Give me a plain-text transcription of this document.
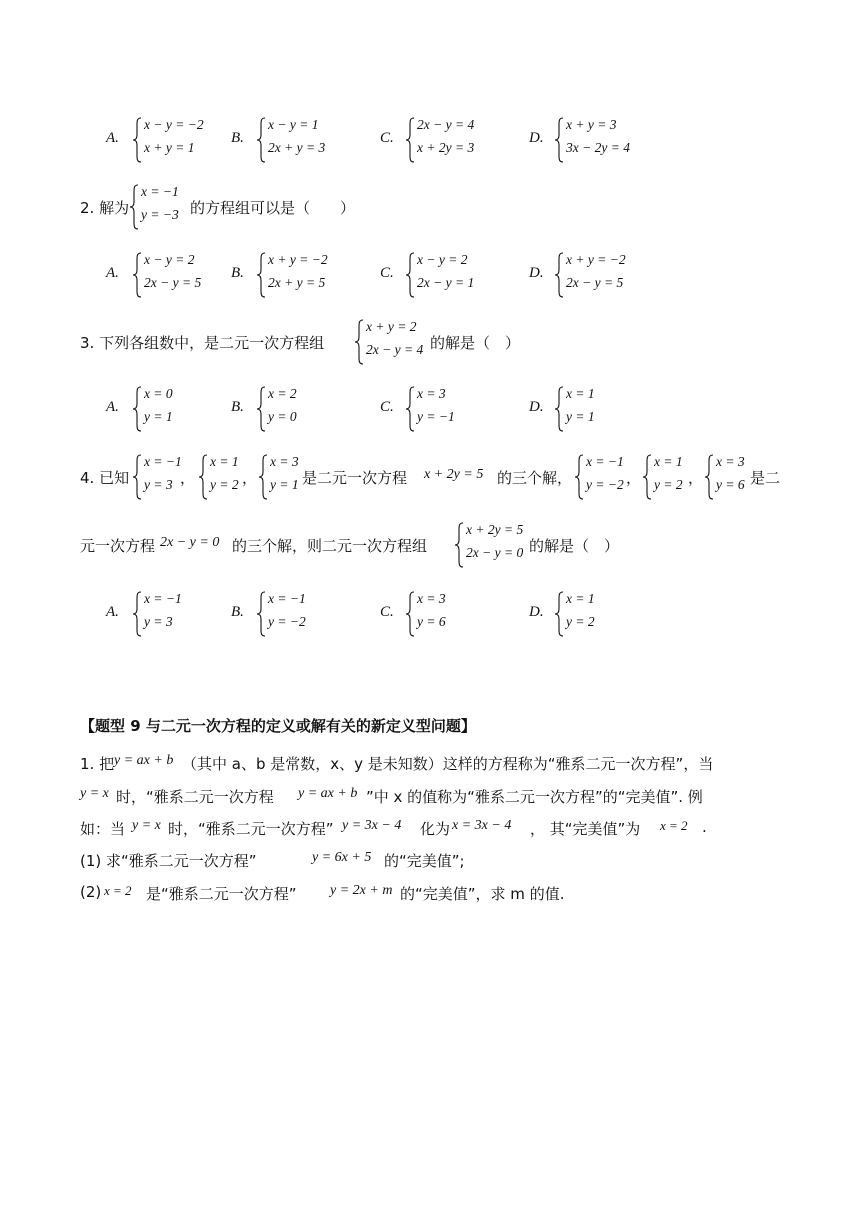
A.
x − y = −2
x + y = 1
B.
x − y = 1
2x + y = 3
C.
2x − y = 4
x + 2y = 3
D.
x + y = 3
3x − 2y = 4
2. 解为
x = −1
y = −3 的方程组可以是（　　）
A.
x − y = 2
2x − y = 5
B.
x + y = −2
2x + y = 5
C.
x − y = 2
2x − y = 1
D.
x + y = −2
2x − y = 5
3. 下列各组数中，是二元一次方程组
x + y = 2
2x − y = 4 的解是（　）
A.
x = 0
y = 1
B.
x = 2
y = 0
C.
x = 3
y = −1
D.
x = 1
y = 1
4. 已知
x = −1
y = 3 ，
x = 1
y = 2 ，
x = 3
y = 1 是二元一次方程 x + 2y = 5 的三个解，
x = −1
y = −2 ，
x = 1
y = 2 ，
x = 3
y = 6 是二
元一次方程 2x − y = 0 的三个解，则二元一次方程组
x + 2y = 5
2x − y = 0 的解是（　）
A.
x = −1
y = 3
B.
x = −1
y = −2
C.
x = 3
y = 6
D.
x = 1
y = 2
【题型 9 与二元一次方程的定义或解有关的新定义型问题】
1. 把 y = ax + b （其中 a、b 是常数，x、y 是未知数）这样的方程称为“雅系二元一次方程”，当
y = x 时，“雅系二元一次方程 y = ax + b ”中 x 的值称为“雅系二元一次方程”的“完美值”. 例
如：当 y = x 时，“雅系二元一次方程” y = 3x − 4 化为 x = 3x − 4 ， 其“完美值”为 x = 2 .
(1) 求“雅系二元一次方程”	y = 6x + 5 的“完美值”;
(2) x = 2 是“雅系二元一次方程” y = 2x + m 的“完美值”，求 m 的值.
